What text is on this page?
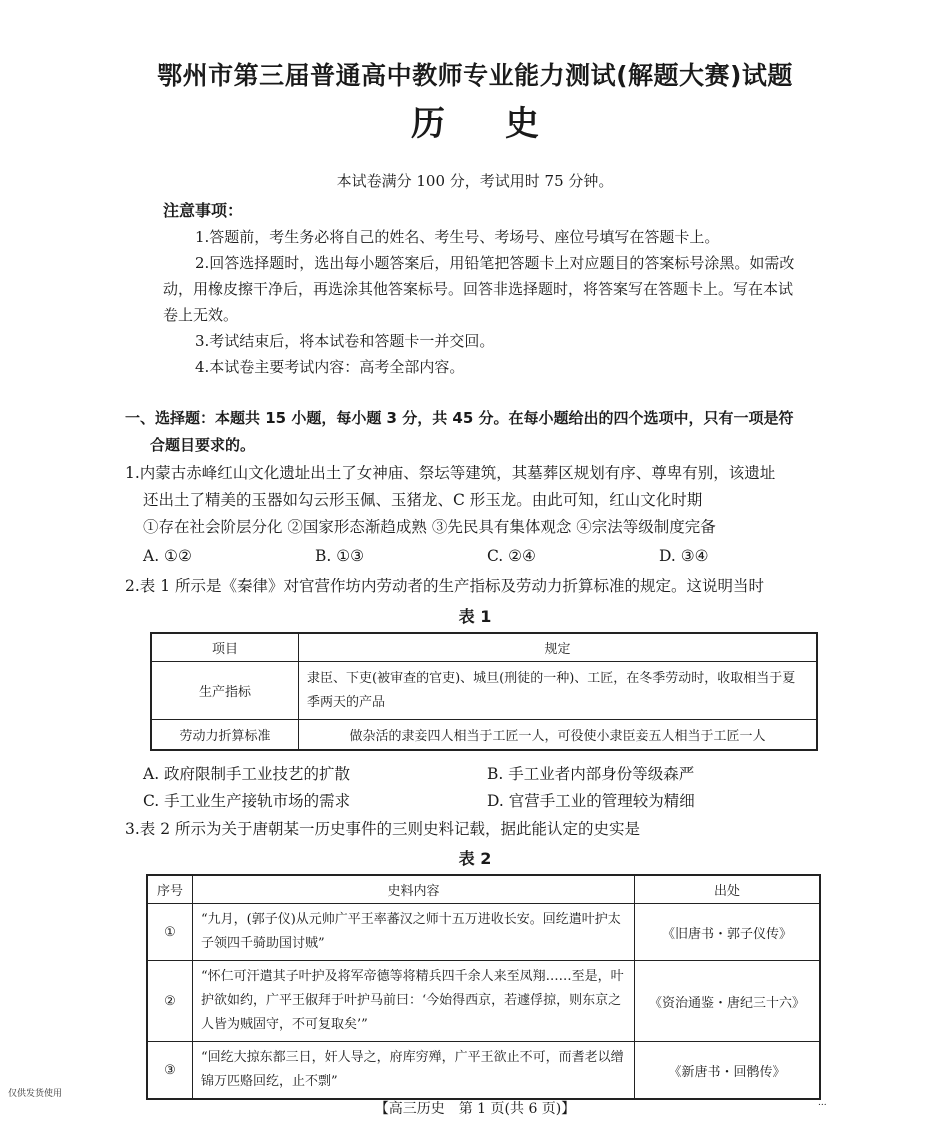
鄂州市第三届普通高中教师专业能力测试(解题大赛)试题
历史
本试卷满分 100 分，考试用时 75 分钟。
注意事项：

1.答题前，考生务必将自己的姓名、考生号、考场号、座位号填写在答题卡上。

2.回答选择题时，选出每小题答案后，用铅笔把答题卡上对应题目的答案标号涂黑。如需改动，用橡皮擦干净后，再选涂其他答案标号。回答非选择题时，将答案写在答题卡上。写在本试卷上无效。

3.考试结束后，将本试卷和答题卡一并交回。

4.本试卷主要考试内容：高考全部内容。

一、选择题：本题共 15 小题，每小题 3 分，共 45 分。在每小题给出的四个选项中，只有一项是符
合题目要求的。
1.内蒙古赤峰红山文化遗址出土了女神庙、祭坛等建筑，其墓葬区规划有序、尊卑有别，该遗址
还出土了精美的玉器如勾云形玉佩、玉猪龙、C 形玉龙。由此可知，红山文化时期
①存在社会阶层分化 ②国家形态渐趋成熟 ③先民具有集体观念 ④宗法等级制度完备
A. ①②	B. ①③	C. ②④	D. ③④
2.表 1 所示是《秦律》对官营作坊内劳动者的生产指标及劳动力折算标准的规定。这说明当时
表 1
项目	规定
生产指标	隶臣、下吏(被审查的官吏)、城旦(刑徒的一种)、工匠，在冬季劳动时，收取相当于夏季两天的产品
劳动力折算标准	做杂活的隶妾四人相当于工匠一人，可役使小隶臣妾五人相当于工匠一人
A. 政府限制手工业技艺的扩散	B. 手工业者内部身份等级森严
C. 手工业生产接轨市场的需求	D. 官营手工业的管理较为精细
3.表 2 所示为关于唐朝某一历史事件的三则史料记载，据此能认定的史实是
表 2
序号	史料内容	出处
①	“九月，(郭子仪)从元帅广平王率蕃汉之师十五万进收长安。回纥遣叶护太子领四千骑助国讨贼”	《旧唐书・郭子仪传》
②	“怀仁可汗遣其子叶护及将军帝德等将精兵四千余人来至凤翔……至是，叶护欲如约，广平王俶拜于叶护马前曰：‘今始得西京，若遽俘掠，则东京之人皆为贼固守，不可复取矣’”	《资治通鉴・唐纪三十六》
③	“回纥大掠东都三日，奸人导之，府库穷殚，广平王欲止不可，而耆老以缯锦万匹赂回纥，止不剽”	《新唐书・回鹘传》
仅供发货使用
【高三历史　第 1 页(共 6 页)】	...
